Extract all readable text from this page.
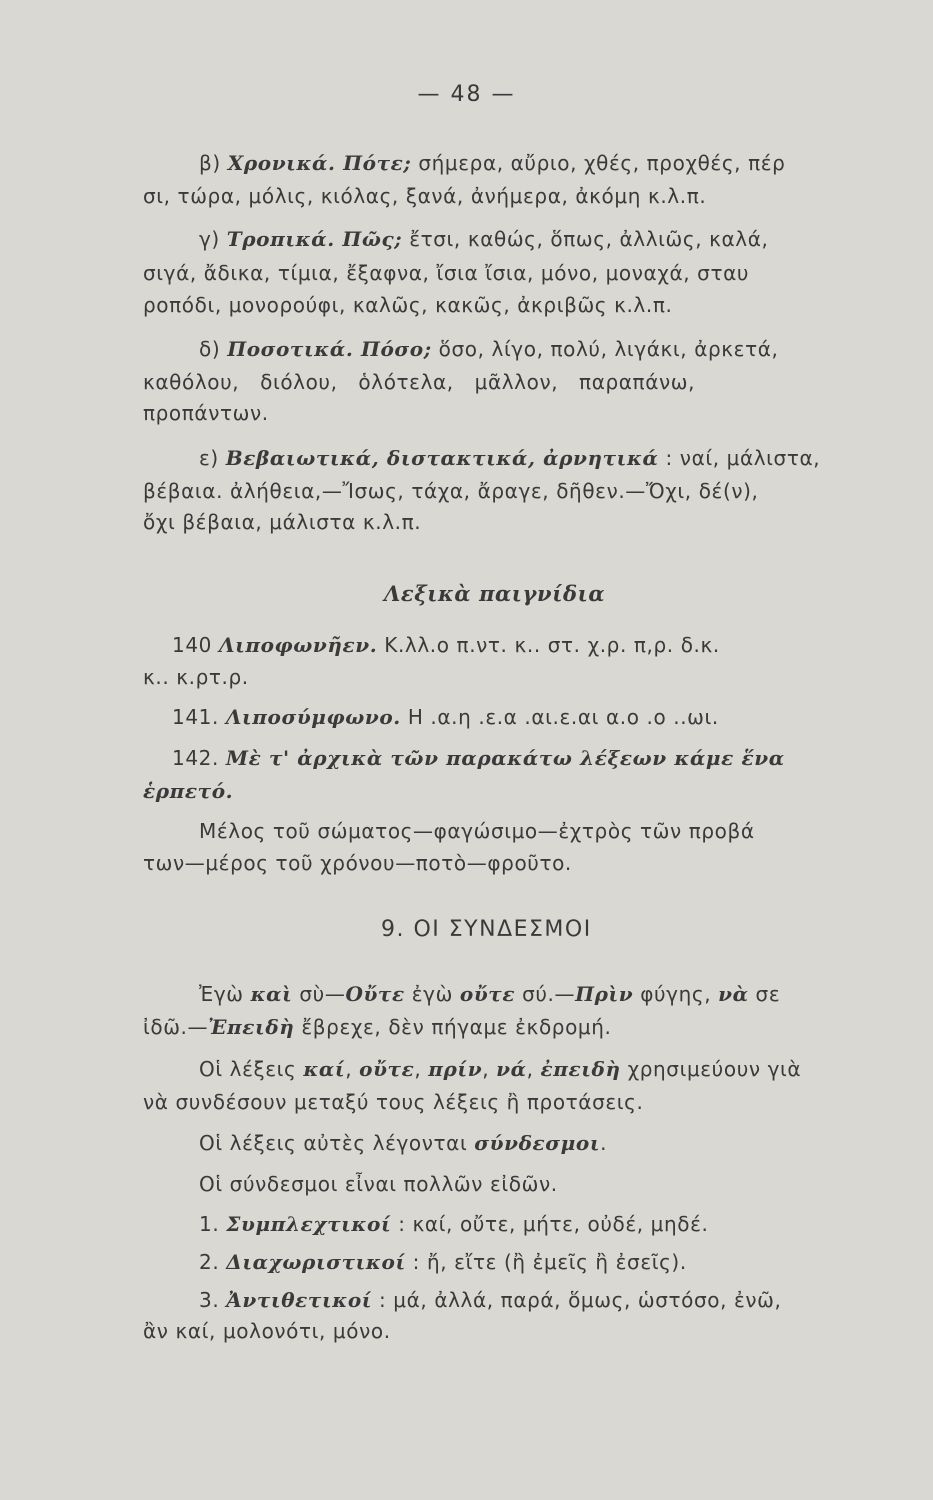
— 48 —
β) Χρονικά. Πότε; σήμερα, αὔριο, χθές, προχθές, πέρ
σι, τώρα, μόλις, κιόλας, ξανά, ἀνήμερα, ἀκόμη κ.λ.π.
γ) Τροπικά. Πῶς; ἔτσι, καθώς, ὅπως, ἀλλιῶς, καλά,
σιγά, ἄδικα, τίμια, ἔξαφνα, ἴσια ἴσια, μόνο, μοναχά, σταυ
ροπόδι, μονορούφι, καλῶς, κακῶς, ἀκριβῶς κ.λ.π.
δ) Ποσοτικά. Πόσο; ὅσο, λίγο, πολύ, λιγάκι, ἀρκετά,
καθόλου,   διόλου,   ὁλότελα,   μᾶλλον,   παραπάνω,
προπάντων.
ε) Βεβαιωτικά, διστακτικά, ἀρνητικά : ναί, μάλιστα,
βέβαια. ἀλήθεια,—Ἴσως, τάχα, ἄραγε, δῆθεν.—Ὄχι, δέ(ν),
ὄχι βέβαια, μάλιστα κ.λ.π.
Λεξικὰ παιγνίδια
140 Λιποφωνῆεν. Κ.λλ.ο π.ντ. κ.. στ. χ.ρ. π,ρ. δ.κ.
κ.. κ.ρτ.ρ.
141. Λιποσύμφωνο. Η .α.η .ε.α .αι.ε.αι α.ο .ο ..ωι.
142. Μὲ τ' ἀρχικὰ τῶν παρακάτω λέξεων κάμε ἕνα
ἑρπετό.
Μέλος τοῦ σώματος—φαγώσιμο—ἐχτρὸς τῶν προβά
των—μέρος τοῦ χρόνου—ποτὸ—φροῦτο.
9. ΟΙ ΣΥΝΔΕΣΜΟΙ
Ἐγὼ καὶ σὺ—Οὔτε ἐγὼ οὔτε σύ.—Πρὶν φύγης, νὰ σε
ἰδῶ.—Ἐπειδὴ ἔβρεχε, δὲν πήγαμε ἐκδρομή.
Οἱ λέξεις καί, οὔτε, πρίν, νά, ἐπειδὴ χρησιμεύουν γιὰ
νὰ συνδέσουν μεταξύ τους λέξεις ἢ προτάσεις.
Οἱ λέξεις αὐτὲς λέγονται σύνδεσμοι.
Οἱ σύνδεσμοι εἶναι πολλῶν εἰδῶν.
1. Συμπλεχτικοί : καί, οὔτε, μήτε, οὐδέ, μηδέ.
2. Διαχωριστικοί : ἤ, εἴτε (ἢ ἐμεῖς ἢ ἐσεῖς).
3. Ἀντιθετικοί : μά, ἀλλά, παρά, ὅμως, ὡστόσο, ἐνῶ,
ἂν καί, μολονότι, μόνο.
